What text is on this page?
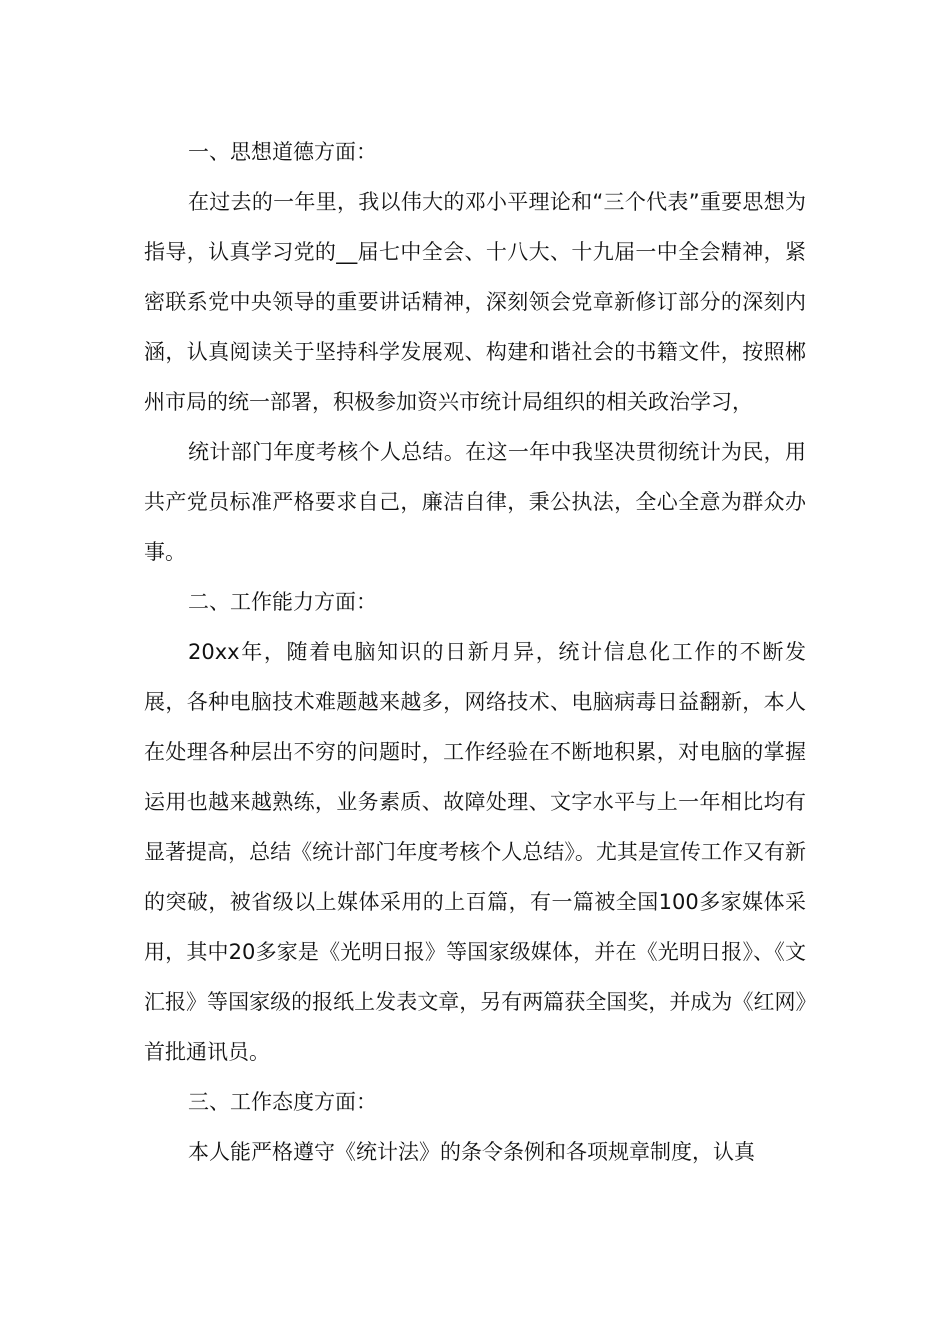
一、思想道德方面：

在过去的一年里，我以伟大的邓小平理论和“三个代表”重要思想为指导，认真学习党的__届七中全会、十八大、十九届一中全会精神，紧密联系党中央领导的重要讲话精神，深刻领会党章新修订部分的深刻内涵，认真阅读关于坚持科学发展观、构建和谐社会的书籍文件，按照郴州市局的统一部署，积极参加资兴市统计局组织的相关政治学习，

统计部门年度考核个人总结。在这一年中我坚决贯彻统计为民，用共产党员标准严格要求自己，廉洁自律，秉公执法，全心全意为群众办事。

二、工作能力方面：

20xx年，随着电脑知识的日新月异，统计信息化工作的不断发展，各种电脑技术难题越来越多，网络技术、电脑病毒日益翻新，本人在处理各种层出不穷的问题时，工作经验在不断地积累，对电脑的掌握运用也越来越熟练，业务素质、故障处理、文字水平与上一年相比均有显著提高，总结《统计部门年度考核个人总结》。尤其是宣传工作又有新的突破，被省级以上媒体采用的上百篇，有一篇被全国100多家媒体采用，其中20多家是《光明日报》等国家级媒体，并在《光明日报》、《文汇报》等国家级的报纸上发表文章，另有两篇获全国奖，并成为《红网》首批通讯员。

三、工作态度方面：

本人能严格遵守《统计法》的条令条例和各项规章制度，认真
